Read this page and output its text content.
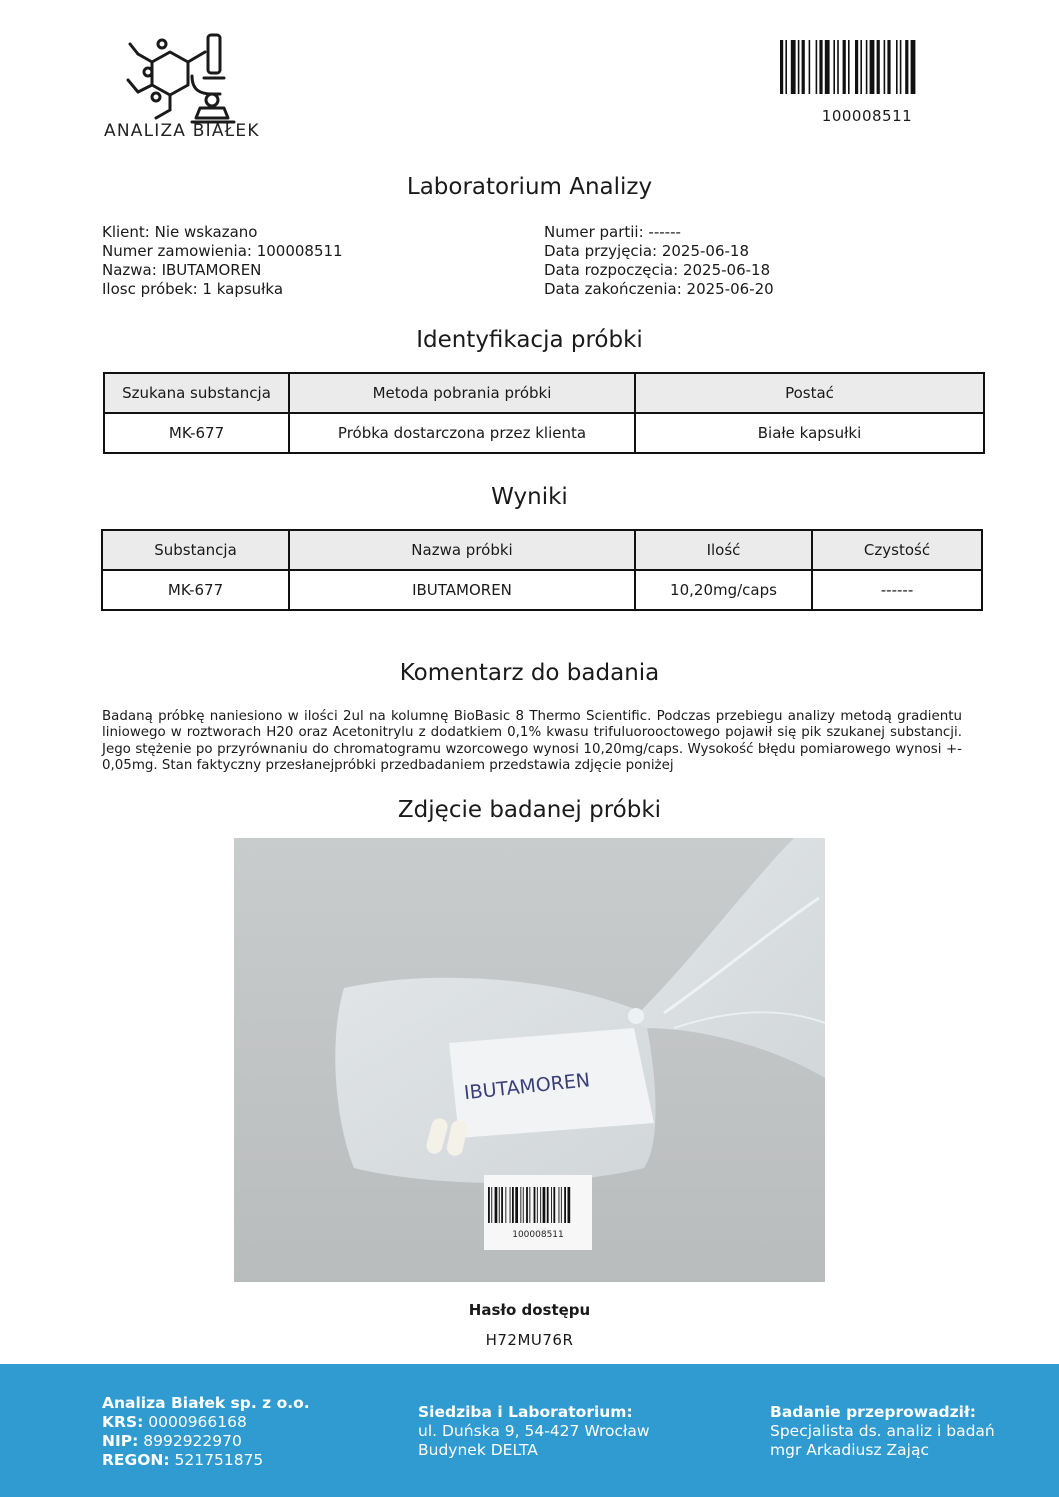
ANALIZA BIAŁEK
100008511
Laboratorium Analizy
Klient: Nie wskazano
Numer zamowienia: 100008511
Nazwa: IBUTAMOREN
Ilosc próbek: 1 kapsułka
Numer partii: ------
Data przyjęcia: 2025-06-18
Data rozpoczęcia: 2025-06-18
Data zakończenia: 2025-06-20
Identyfikacja próbki
Szukana substancja	Metoda pobrania próbki	Postać
MK-677	Próbka dostarczona przez klienta	Białe kapsułki
Wyniki
Substancja	Nazwa próbki	Ilość	Czystość
MK-677	IBUTAMOREN	10,20mg/caps	------
Komentarz do badania
Badaną próbkę naniesiono w ilości 2ul na kolumnę BioBasic 8 Thermo Scientific. Podczas przebiegu analizy metodą gradientu liniowego w roztworach H20 oraz Acetonitrylu z dodatkiem 0,1% kwasu trifuluorooctowego pojawił się pik szukanej substancji. Jego stężenie po przyrównaniu do chromatogramu wzorcowego wynosi 10,20mg/caps. Wysokość błędu pomiarowego wynosi +- 0,05mg. Stan faktyczny przesłanejpróbki przedbadaniem przedstawia zdjęcie poniżej
Zdjęcie badanej próbki
IBUTAMOREN
100008511
Hasło dostępu
H72MU76R
Analiza Białek sp. z o.o.
KRS: 0000966168
NIP: 8992922970
REGON: 521751875
Siedziba i Laboratorium:
ul. Duńska 9, 54-427 Wrocław
Budynek DELTA
Badanie przeprowadził:
Specjalista ds. analiz i badań
mgr Arkadiusz Zając
